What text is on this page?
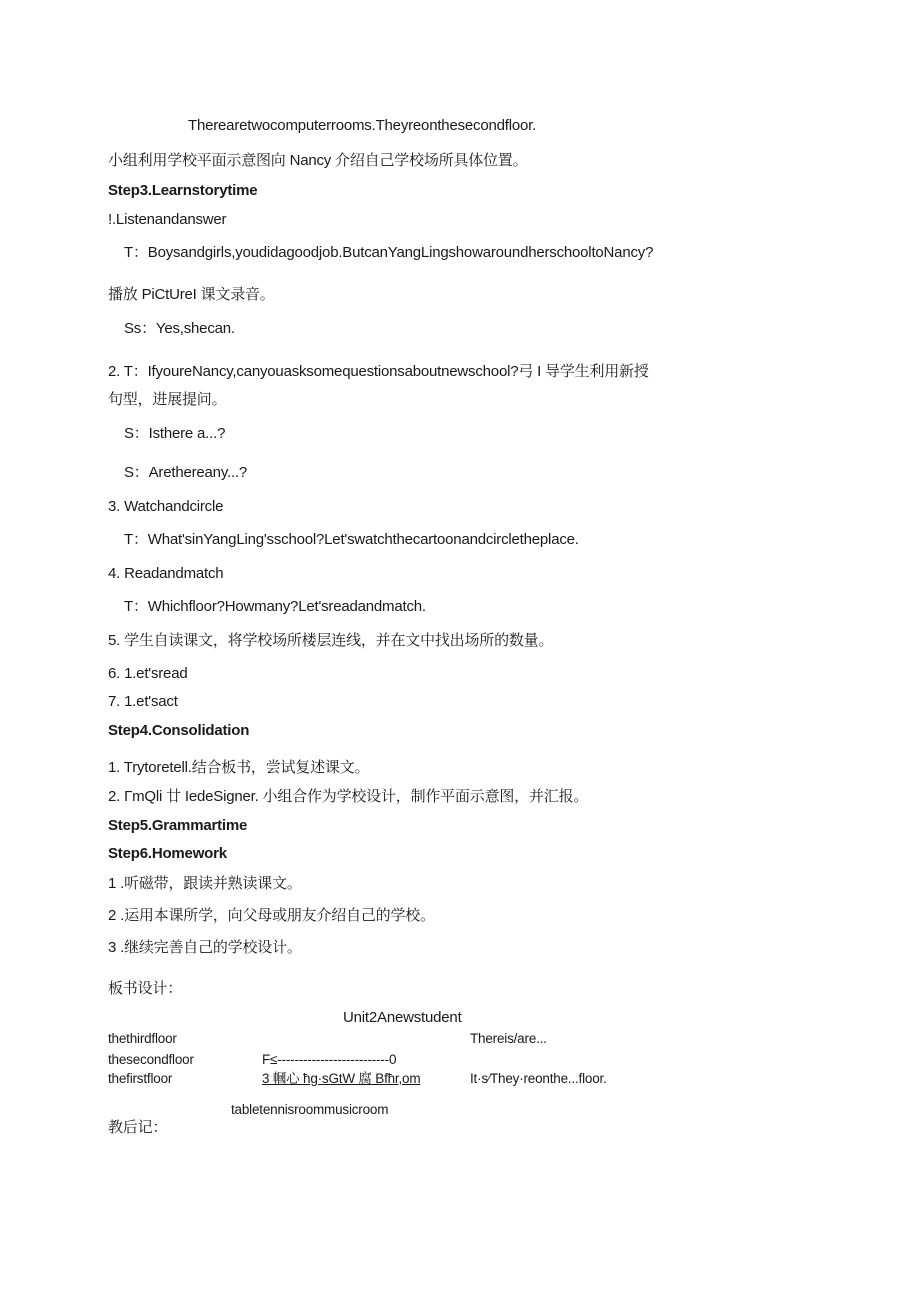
Therearetwocomputerrooms.Theyreonthesecondfloor.
小组利用学校平面示意图向 Nancy 介绍自己学校场所具体位置。
Step3.Learnstorytime
!.Listenandanswer
T：Boysandgirls,youdidagoodjob.ButcanYangLingshowaroundherschooltoNancy?
播放 PiCtUreI 课文录音。
Ss：Yes,shecan.
2. T：IfyoureNancy,canyouasksomequestionsaboutnewschool?弓 I 导学生利用新授
句型，进展提问。
S：Isthere a...?
S：Arethereany...?
3. Watchandcircle
T：What'sinYangLing'sschool?Let'swatchthecartoonandcircletheplace.
4. Readandmatch
T：Whichfloor?Howmany?Let'sreadandmatch.
5. 学生自读课文，将学校场所楼层连线，并在文中找出场所的数量。
6. 1.et'sread
7. 1.et'sact
Step4.Consolidation
1. Trytoretell.结合板书，尝试复述课文。
2. ΓmQli 廿 IedeSigner. 小组合作为学校设计，制作平面示意图，并汇报。
Step5.Grammartime
Step6.Homework
1 .听磁带，跟读并熟读课文。
2 .运用本课所学，向父母或朋友介绍自己的学校。
3 .继续完善自己的学校设计。
板书设计：
Unit2Anewstudent
thethirdfloor	Thereis/are...
thesecondfloor	F≤--------------------------0
thefirstfloor	3 幗心 ħg·sGtW 腐 Bfħr,om	It·s∕They·reonthe...floor.
tabletennisroommusicroom
教后记：
